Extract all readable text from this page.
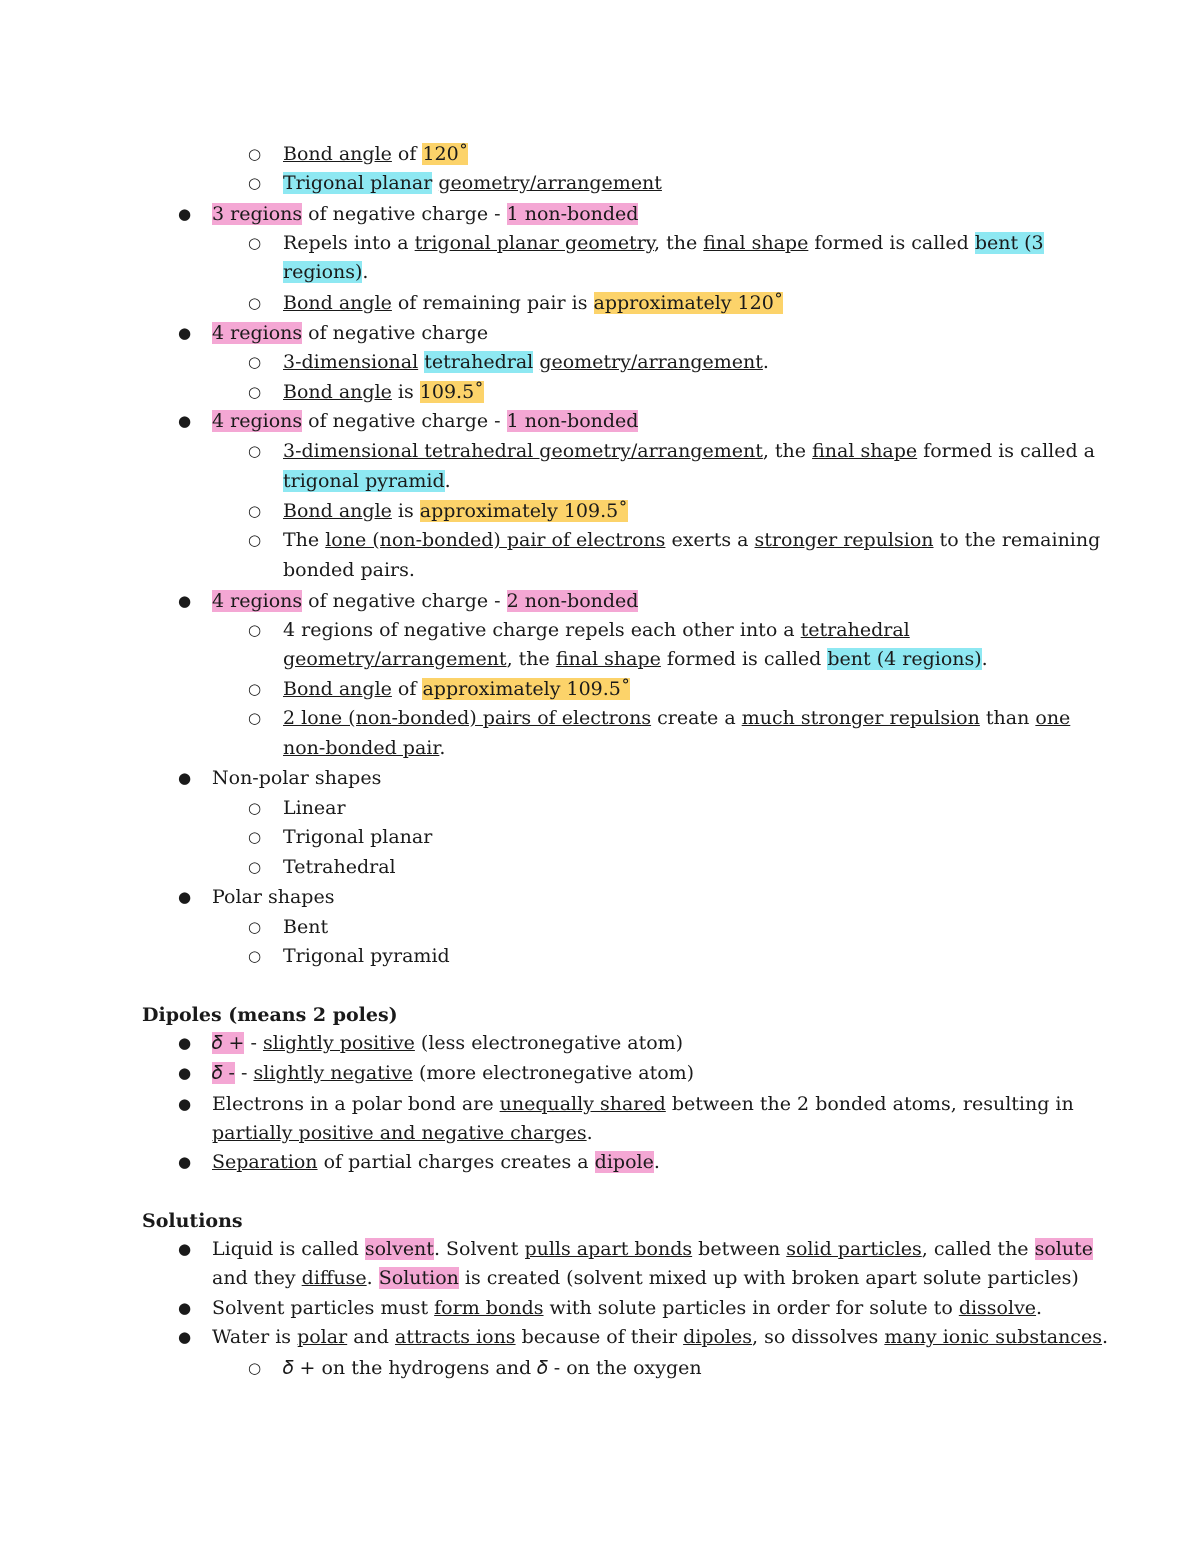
○ Bond angle of 120˚
○ Trigonal planar geometry/arrangement
● 3 regions of negative charge - 1 non-bonded
○ Repels into a trigonal planar geometry, the final shape formed is called bent (3
regions).
○ Bond angle of remaining pair is approximately 120˚
● 4 regions of negative charge
○ 3-dimensional tetrahedral geometry/arrangement.
○ Bond angle is 109.5˚
● 4 regions of negative charge - 1 non-bonded
○ 3-dimensional tetrahedral geometry/arrangement, the final shape formed is called a
trigonal pyramid.
○ Bond angle is approximately 109.5˚
○ The lone (non-bonded) pair of electrons exerts a stronger repulsion to the remaining
bonded pairs.
● 4 regions of negative charge - 2 non-bonded
○ 4 regions of negative charge repels each other into a tetrahedral
geometry/arrangement, the final shape formed is called bent (4 regions).
○ Bond angle of approximately 109.5˚
○ 2 lone (non-bonded) pairs of electrons create a much stronger repulsion than one
non-bonded pair.
● Non-polar shapes
○ Linear
○ Trigonal planar
○ Tetrahedral
● Polar shapes
○ Bent
○ Trigonal pyramid
Dipoles (means 2 poles)
● 𝛿 + - slightly positive (less electronegative atom)
● 𝛿 - - slightly negative (more electronegative atom)
● Electrons in a polar bond are unequally shared between the 2 bonded atoms, resulting in
partially positive and negative charges.
● Separation of partial charges creates a dipole.
Solutions
● Liquid is called solvent. Solvent pulls apart bonds between solid particles, called the solute
and they diffuse. Solution is created (solvent mixed up with broken apart solute particles)
● Solvent particles must form bonds with solute particles in order for solute to dissolve.
● Water is polar and attracts ions because of their dipoles, so dissolves many ionic substances.
○ 𝛿 + on the hydrogens and 𝛿 - on the oxygen
